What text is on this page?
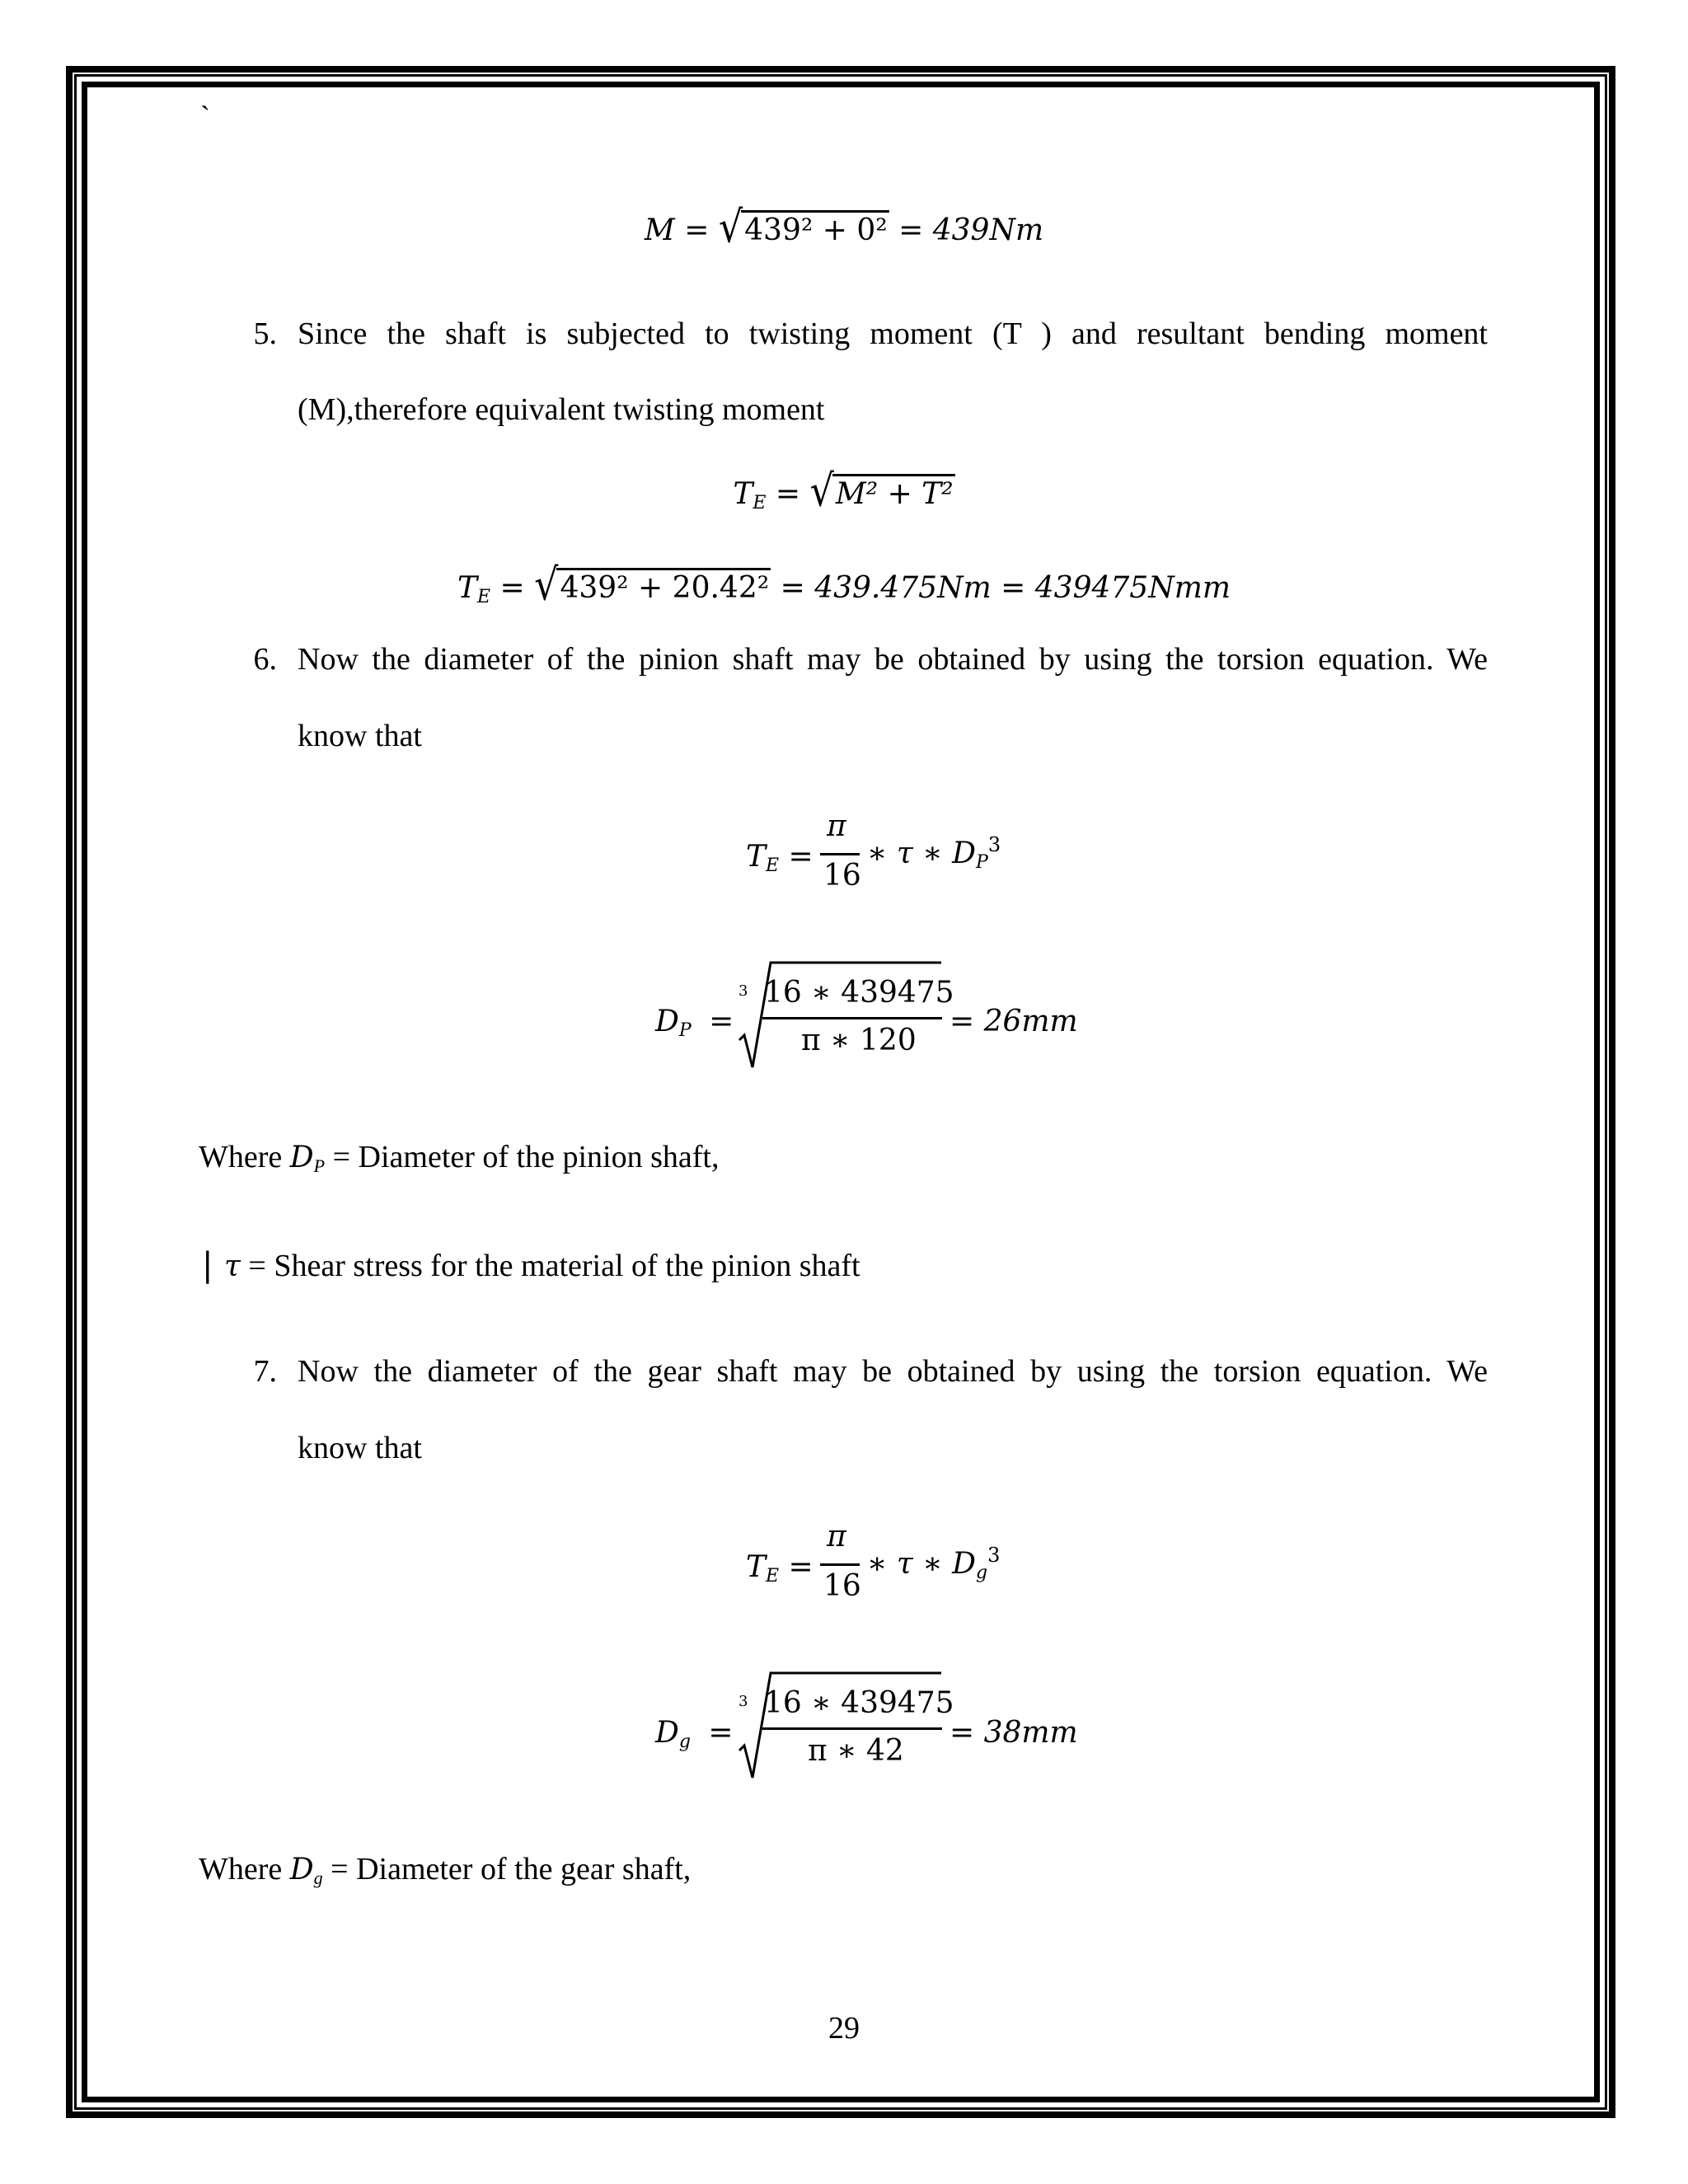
`
M = √439² + 0² = 439Nm
5. Since the shaft is subjected to twisting moment (T ) and resultant bending moment
(M),therefore equivalent twisting moment
$T_E = √M^2 + T^2$
$T_E = √439^2 + 20.42^2 = 439.475Nm = 439475Nmm$
6. Now the diameter of the pinion shaft may be obtained by using the torsion equation. We
know that
$T_E$ =
π
16
∗ τ ∗ $D_P^3$
$D_P$ =
3 16 ∗ 439475
π ∗ 120
= 26mm
Where $D_P$ = Diameter of the pinion shaft,
| τ = Shear stress for the material of the pinion shaft
7. Now the diameter of the gear shaft may be obtained by using the torsion equation. We
know that
$T_E$ =
π
16
∗ τ ∗ $D_g^3$
$D_g$ =
3 16 ∗ 439475
π ∗ 42
= 38mm
Where $D_g$ = Diameter of the gear shaft,
29
